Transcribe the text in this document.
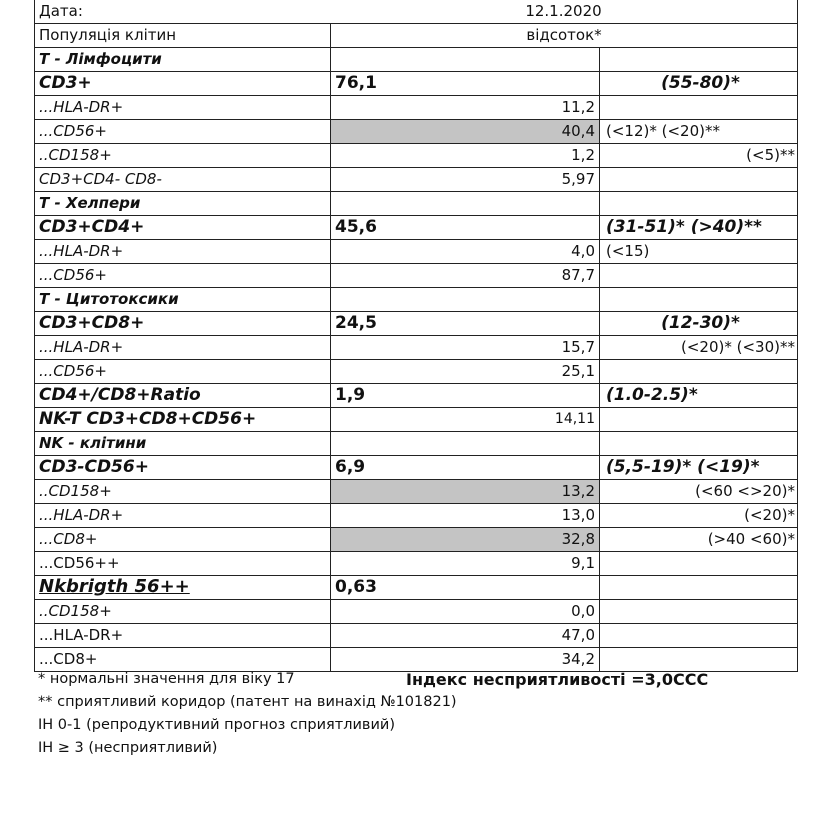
Дата:	12.1.2020
Популяція клітин	відсоток*
Т - Лімфоцити
CD3+	76,1	(55-80)*
...HLA-DR+	11,2
...CD56+	40,4 (<12)* (<20)**
..CD158+	1,2	(<5)**
CD3+CD4- CD8-	5,97
Т - Хелпери
CD3+CD4+	45,6	(31-51)* (>40)**
...HLA-DR+	4,0 (<15)
...CD56+	87,7
Т - Цитотоксики
CD3+CD8+	24,5	(12-30)*
...HLA-DR+	15,7	(<20)* (<30)**
...CD56+	25,1
CD4+/CD8+Ratio	1,9	(1.0-2.5)*
NK-T CD3+CD8+CD56+	14,11
NK - клітини
CD3-CD56+	6,9	(5,5-19)* (<19)*
..CD158+	13,2	(<60 <>20)*
...HLA-DR+	13,0	(<20)*
...CD8+	32,8	(>40 <60)*
...CD56++	9,1
Nkbrigth 56++	0,63
..CD158+	0,0
...HLA-DR+	47,0
...CD8+	34,2
* нормальні значення для віку 17	Індекс несприятливості =3,0ССС
** сприятливий коридор (патент на винахід №101821)
ІН 0-1 (репродуктивний прогноз сприятливий)
ІН ≥ 3 (несприятливий)
